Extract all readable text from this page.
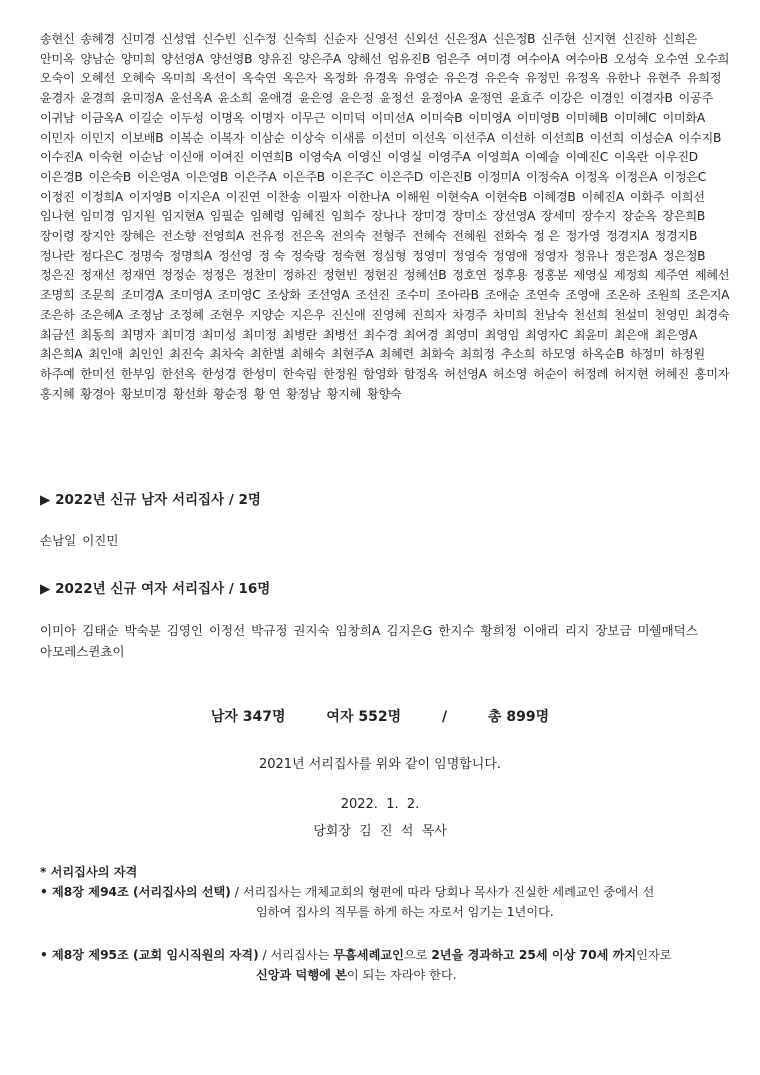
송현신 송혜경 신미경 신성엽 신수빈 신수정 신숙희 신순자 신영선 신외선 신은정A 신은정B 신주현 신지현 신진하 신희은
안미옥 양남순 양미희 양선영A 양선영B 양유진 양은주A 양해선 엄유진B 엄은주 여미경 여수아A 여수아B 오성숙 오수연 오수희
오숙이 오혜선 오혜숙 옥미희 옥선이 옥숙연 옥은자 옥정화 유경옥 유영순 유은경 유은숙 유정민 유정옥 유한나 유현주 유희정
윤경자 윤경희 윤미정A 윤선옥A 윤소희 윤애경 윤은영 윤은정 윤정선 윤정아A 윤정연 윤효주 이강은 이경인 이경자B 이공주
이귀남 이금옥A 이길순 이두성 이명옥 이명자 이무근 이미덕 이미선A 이미숙B 이미영A 이미영B 이미혜B 이미혜C 이미화A
이민자 이민지 이보배B 이복순 이복자 이삼순 이상숙 이새롬 이선미 이선옥 이선주A 이선하 이선희B 이선희 이성순A 이수지B
이수진A 이숙현 이순남 이신애 이여진 이연희B 이영숙A 이영신 이영실 이영주A 이영희A 이예슬 이예진C 이옥란 이우진D
이은경B 이은숙B 이은영A 이은영B 이은주A 이은주B 이은주C 이은주D 이은진B 이정미A 이정숙A 이정옥 이정은A 이정은C
이정진 이정희A 이지영B 이지은A 이진연 이찬송 이필자 이한나A 이해원 이현숙A 이현숙B 이혜경B 이혜진A 이화주 이희선
임나현 임미경 임지원 임지현A 임필순 임혜령 임혜진 임희수 장나나 장미경 장미소 장선영A 장세미 장수지 장순옥 장은희B
장이령 장지안 장혜은 전소향 전영희A 전유정 전은옥 전의숙 전형주 전혜숙 전혜원 전화숙 정 은 정가영 정경지A 정경지B
정나란 정다은C 정명숙 정명희A 정선영 정 숙 정숙랑 정숙현 정심형 정영미 정영숙 정영애 정영자 정유나 정은정A 정은정B
정은진 정재선 정재연 정정순 정정은 정찬미 정하진 정현빈 정현진 정혜선B 정호연 정후용 정홍분 제영실 제정희 제주연 제혜선
조명희 조문희 조미경A 조미영A 조미영C 조상화 조선영A 조선진 조수미 조아라B 조애순 조연숙 조영애 조온하 조원희 조은지A
조은하 조은혜A 조정남 조정혜 조현우 지양순 지은우 진신애 진영혜 진희자 차경주 차미희 천남숙 천선희 천설미 천영민 최경숙
최금선 최동희 최명자 최미경 최미성 최미정 최병란 최병선 최수경 최여경 최영미 최영임 최영자C 최윤미 최은애 최은영A
최은희A 최인애 최인인 최진숙 최차숙 최한별 최해숙 최현주A 최혜련 최화숙 최희정 추소희 하모영 하옥순B 하정미 하정원
하주예 한미선 한부임 한선옥 한성경 한성미 한숙림 한정원 함영화 함정옥 허선영A 허소영 허순이 허정례 허지현 허혜진 홍미자
홍지혜 황경아 황보미경 황선화 황순정 황 연 황정남 황지혜 황향숙
▶ 2022년 신규 남자 서리집사 / 2명
손남일 이진민
▶ 2022년 신규 여자 서리집사 / 16명
이미아 김태순 박숙분 김영인 이정선 박규정 권지숙 임창희A 김지은G 한지수 황희정 이애리 리지 장보금 미쉘매덕스아모레스퀸쵸이
남자 347명	여자 552명	/	총 899명
2021년 서리집사를 위와 같이 임명합니다.
2022.  1.  2.
당회장  김  진  석  목사
* 서리집사의 자격
• 제8장 제94조 (서리집사의 선택) / 서리집사는 개체교회의 형편에 따라 당회나 목사가 진실한 세례교인 중에서 선
임하여 집사의 직무를 하게 하는 자로서 임기는 1년이다.
• 제8장 제95조 (교회 임시직원의 자격) / 서리집사는 무흠세례교인으로 2년을 경과하고 25세 이상 70세 까지인자로
신앙과 덕행에 본이 되는 자라야 한다.
